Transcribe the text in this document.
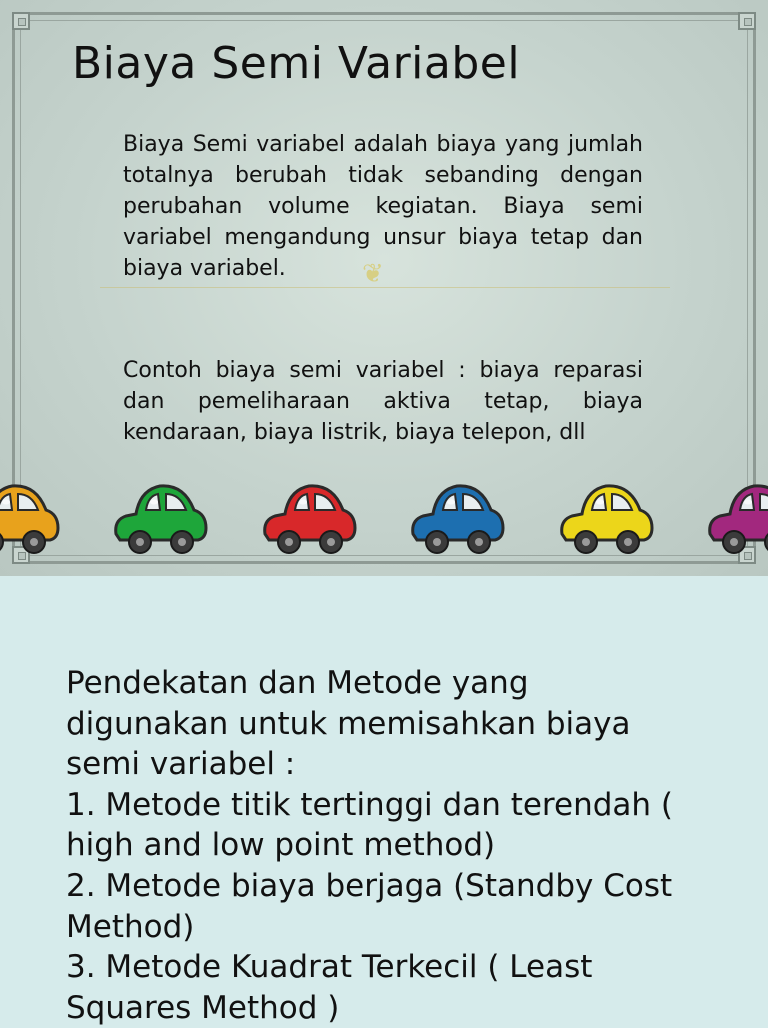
❦
Biaya Semi Variabel

Biaya Semi variabel adalah biaya yang jumlah totalnya berubah tidak sebanding dengan perubahan volume kegiatan. Biaya semi variabel mengandung unsur biaya tetap dan biaya variabel.

Contoh biaya semi variabel : biaya reparasi dan pemeliharaan aktiva tetap, biaya kendaraan, biaya listrik, biaya telepon, dll

Pendekatan dan Metode yang
digunakan untuk memisahkan biaya
semi variabel :
1. Metode titik tertinggi dan terendah (
high and low point method)
2. Metode biaya berjaga (Standby Cost
Method)
3. Metode Kuadrat Terkecil ( Least
Squares Method )
